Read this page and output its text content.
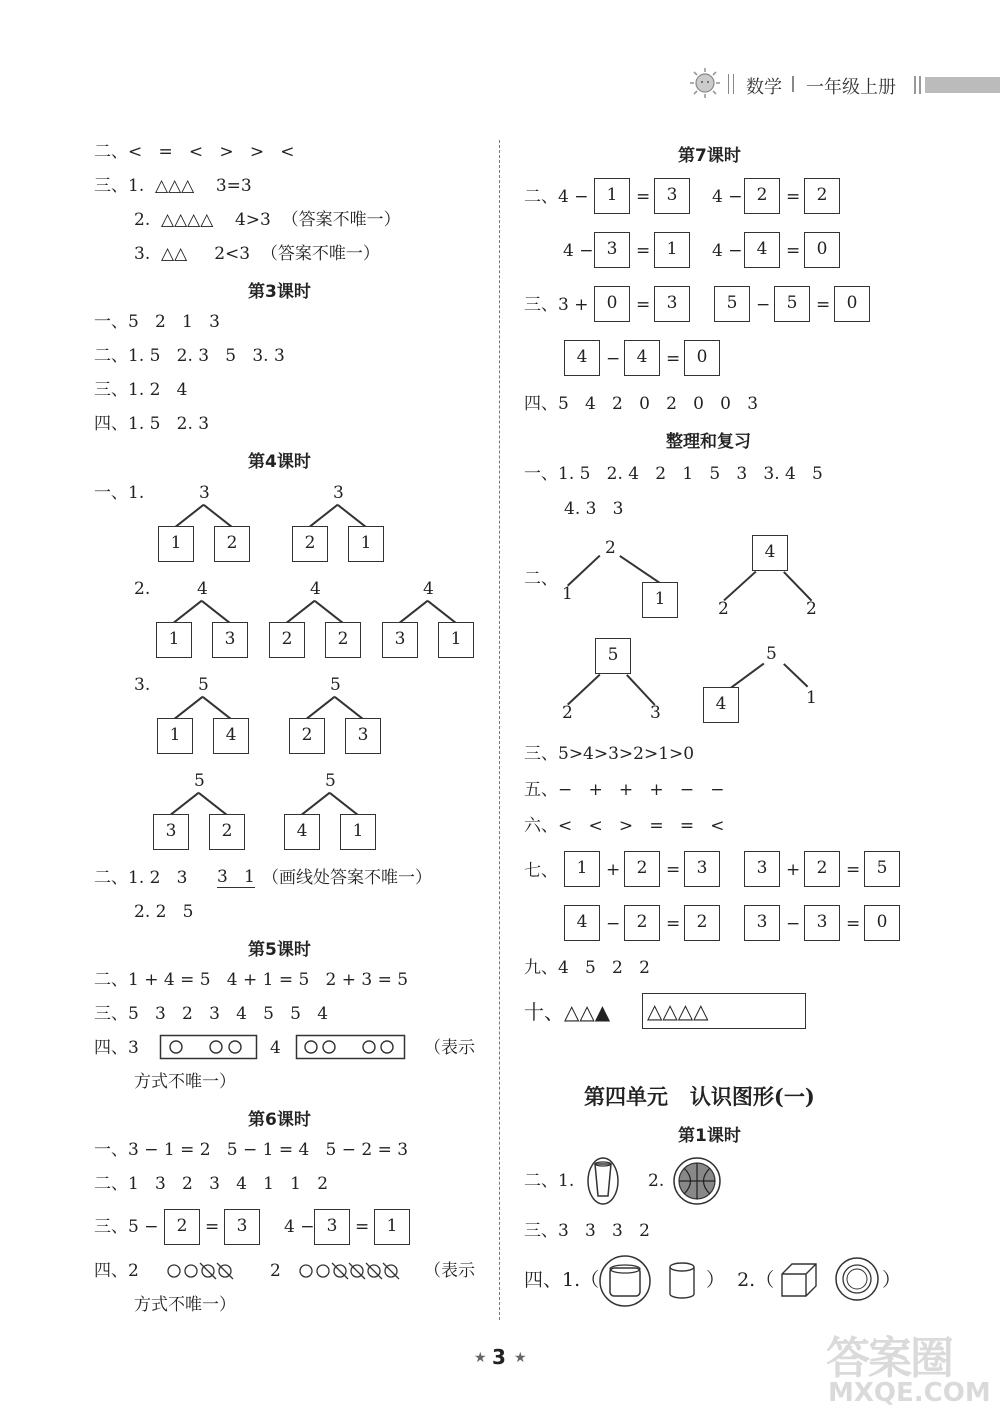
数学 一年级上册
二、<   =   <   >   >   <
三、1.  △△△    3=3
2.  △△△△    4>3  （答案不唯一）
3.  △△     2<3  （答案不唯一）
第3课时
一、5   2   1   3
二、1. 5   2. 3   5   3. 3
三、1. 2   4
四、1. 5   2. 3
第4课时
一、1.
2.
3.
3
1	2
3
2	1
4
1	3
4
2	2
4
3	1
5
1	4
5
2	3
5
3	2
5
4	1
二、1. 2   3 3   1 （画线处答案不唯一）
2. 2   5
第5课时
二、1 + 4 = 5   4 + 1 = 5   2 + 3 = 5
三、5   3   2   3   4   5   5   4
四、3	4	（表示
方式不唯一）
第6课时
一、3 − 1 = 2   5 − 1 = 4   5 − 2 = 3
二、1   3   2   3   4   1   1   2
三、5 −	2	=	3	4 − 3	=	1
四、2	2	（表示
方式不唯一）
第7课时
二、4 −	1	= 3	4 − 2	= 2
4 − 3	= 1	4 − 4	= 0
三、3 +	0	= 3	5	− 5	= 0
4	− 4	= 0
1	+ 2	= 3	3	+ 2	= 5
4	− 2	= 2	3	− 3	= 0
四、5   4   2   0   2   0   0   3
整理和复习
一、1. 5   2. 4   2   1   5   3   3. 4   5
4. 3   3
二、
2
1	1
4
2	2
5
2	3
5
4	1
三、5>4>3>2>1>0
五、−   +   +   +   −   −
六、<   <   >   =   =   <
七、
九、4   5   2   2
十、△△▲ △△△△
第四单元   认识图形(一)
第1课时
二、1.	2.
三、3   3   3   2
四、1.（	）  2.（	）
★ 3 ★	答案圈
MXQE.COM
